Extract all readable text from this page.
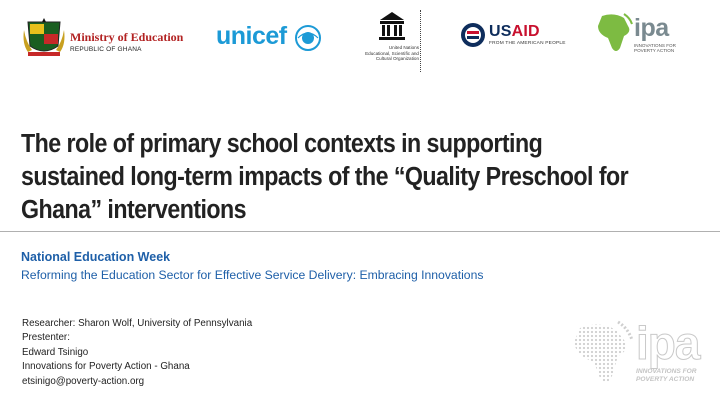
Ministry of Education
REPUBLIC OF GHANA	unicef	United Nations
Educational, Scientific and
Cultural Organization
USAID
FROM THE AMERICAN PEOPLE
ipa
INNOVATIONS FOR
POVERTY ACTION
The role of primary school contexts in supporting sustained long-term impacts of the “Quality Preschool for Ghana” interventions
National Education Week
Reforming the Education Sector for Effective Service Delivery: Embracing Innovations
Researcher: Sharon Wolf, University of Pennsylvania
Prestenter:
Edward Tsinigo
Innovations for Poverty Action - Ghana
etsinigo@poverty-action.org
ipa
INNOVATIONS FOR
POVERTY ACTION
